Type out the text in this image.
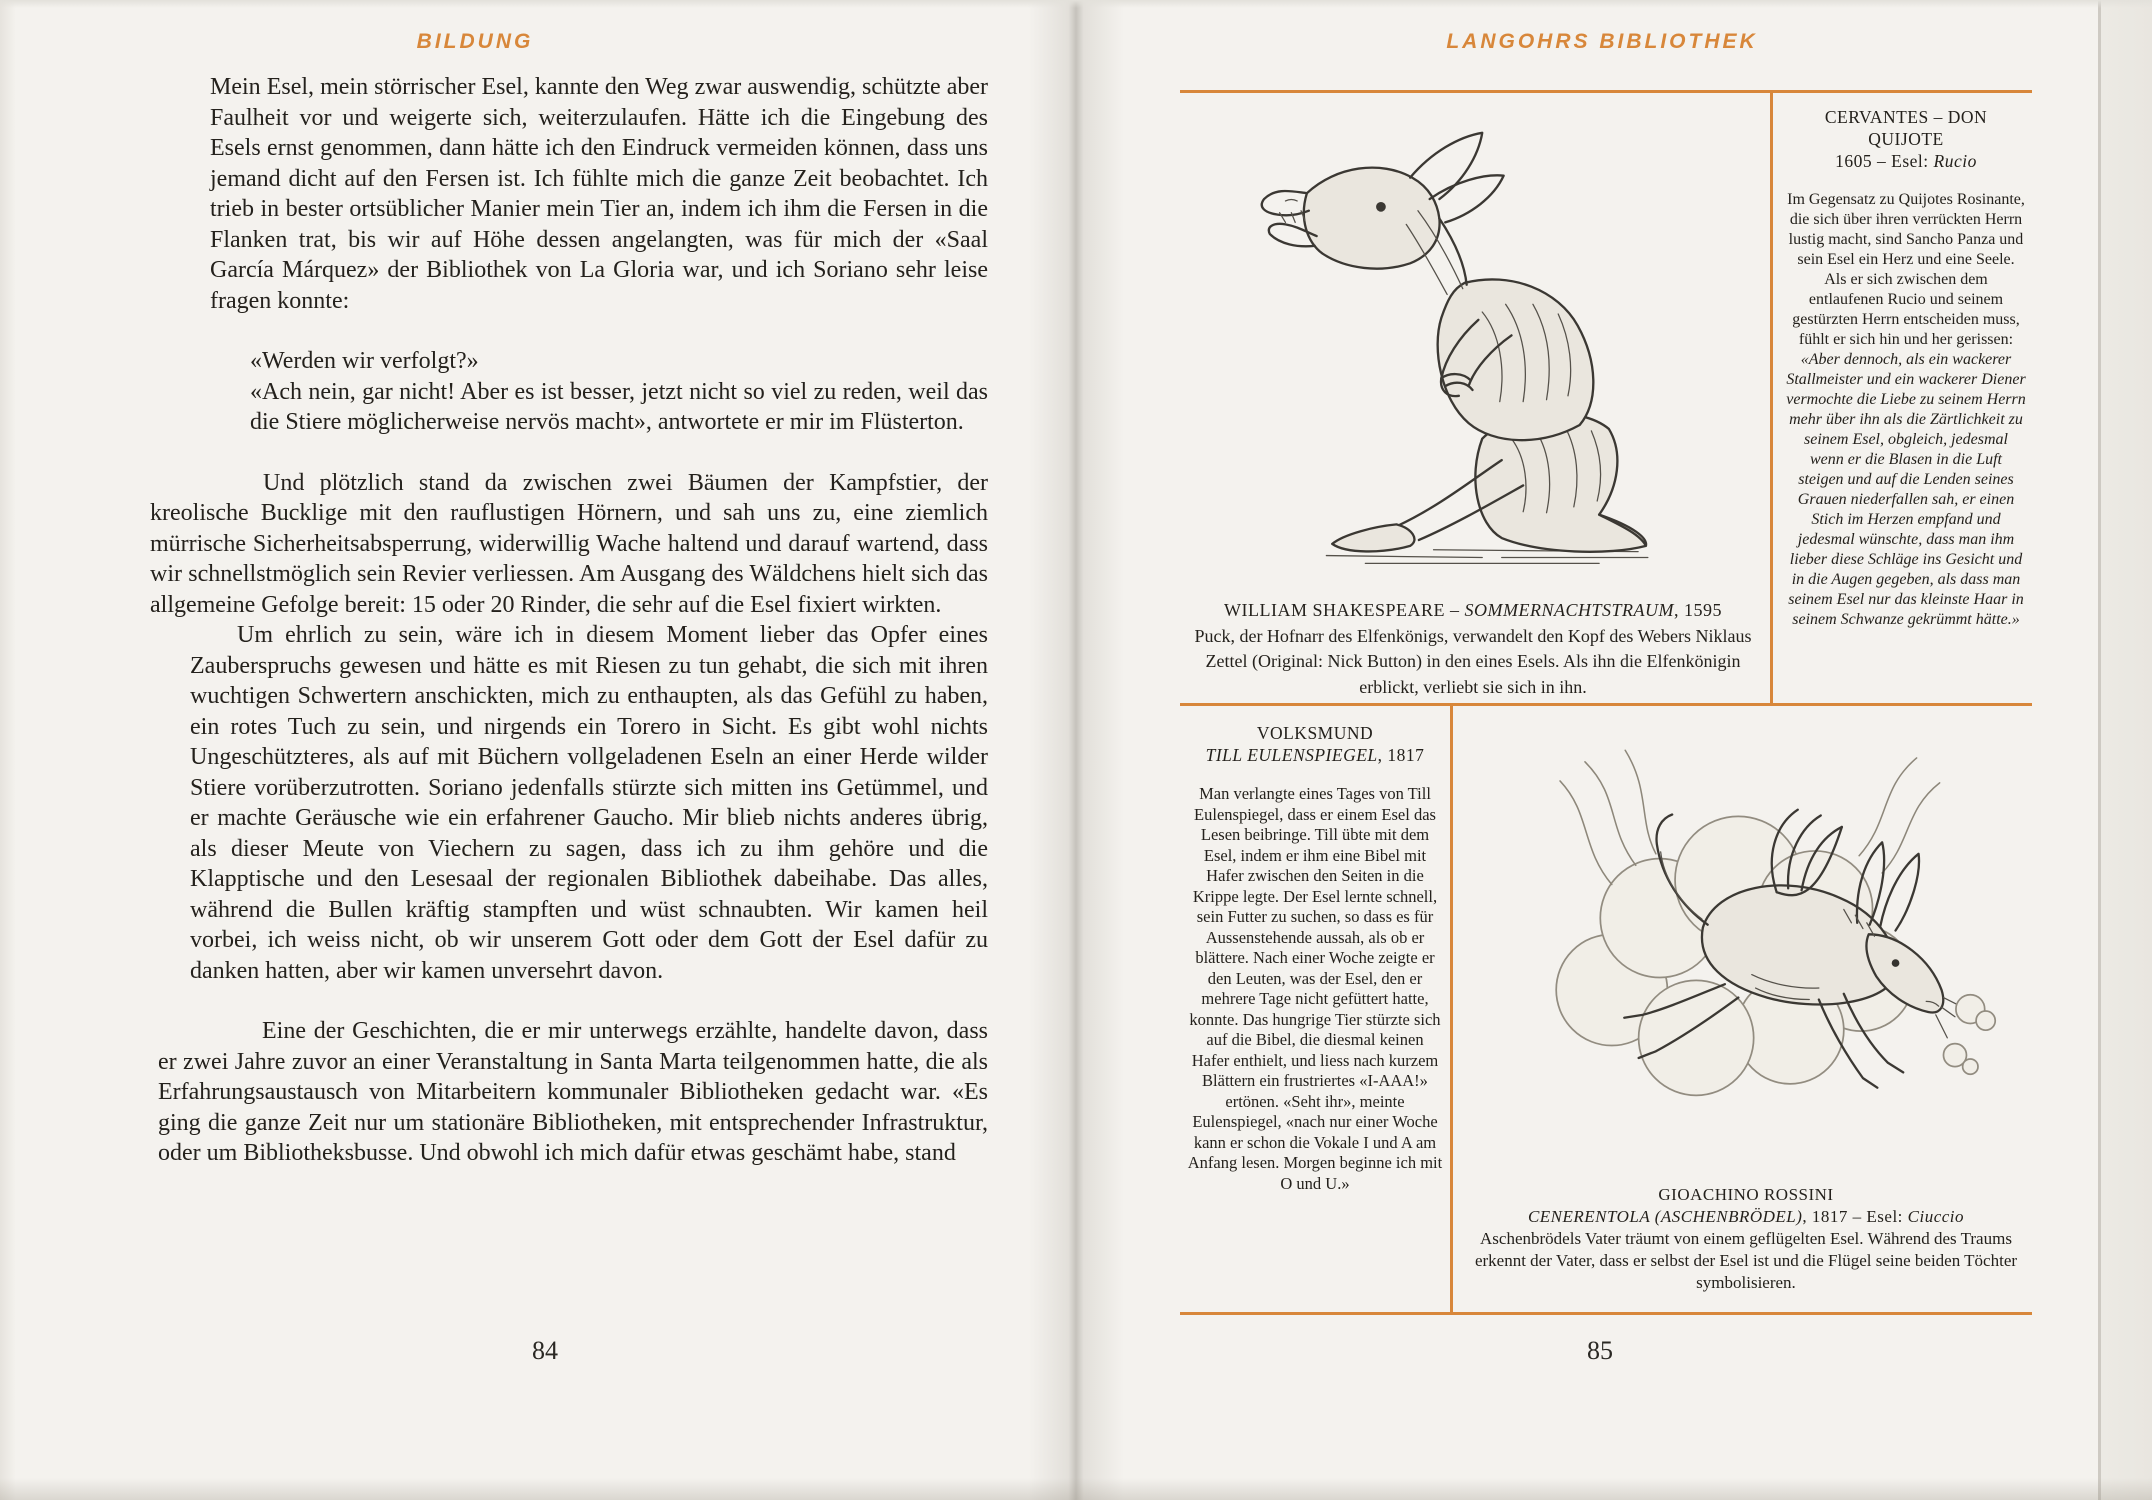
BILDUNG

Mein Esel, mein störrischer Esel, kannte den Weg zwar auswendig, schützte aber Faulheit vor und weigerte sich, weiterzulaufen. Hätte ich die Eingebung des Esels ernst genommen, dann hätte ich den Eindruck vermeiden können, dass uns jemand dicht auf den Fersen ist. Ich fühlte mich die ganze Zeit beobachtet. Ich trieb in bester ortsüblicher Manier mein Tier an, indem ich ihm die Fersen in die Flanken trat, bis wir auf Höhe dessen angelangten, was für mich der «Saal García Márquez» der Bibliothek von La Gloria war, und ich Soriano sehr leise fragen konnte:

«Werden wir verfolgt?»

«Ach nein, gar nicht! Aber es ist besser, jetzt nicht so viel zu reden, weil das die Stiere möglicherweise nervös macht», antwortete er mir im Flüsterton.

Und plötzlich stand da zwischen zwei Bäumen der Kampfstier, der kreolische Bucklige mit den rauflustigen Hörnern, und sah uns zu, eine ziemlich mürrische Sicherheitsabsperrung, widerwillig Wache haltend und darauf wartend, dass wir schnellstmöglich sein Revier verliessen. Am Ausgang des Wäldchens hielt sich das allgemeine Gefolge bereit: 15 oder 20 Rinder, die sehr auf die Esel fixiert wirkten.

Um ehrlich zu sein, wäre ich in diesem Moment lieber das Opfer eines Zauberspruchs gewesen und hätte es mit Riesen zu tun gehabt, die sich mit ihren wuchtigen Schwertern anschickten, mich zu enthaupten, als das Gefühl zu haben, ein rotes Tuch zu sein, und nirgends ein Torero in Sicht. Es gibt wohl nichts Ungeschützteres, als auf mit Büchern vollgeladenen Eseln an einer Herde wilder Stiere vorüberzutrotten. Soriano jedenfalls stürzte sich mitten ins Getümmel, und er machte Geräusche wie ein erfahrener Gaucho. Mir blieb nichts anderes übrig, als dieser Meute von Viechern zu sagen, dass ich zu ihm gehöre und die Klapptische und den Lesesaal der regionalen Bibliothek dabeihabe. Das alles, während die Bullen kräftig stampften und wüst schnaubten. Wir kamen heil vorbei, ich weiss nicht, ob wir unserem Gott oder dem Gott der Esel dafür zu danken hatten, aber wir kamen unversehrt davon.

Eine der Geschichten, die er mir unterwegs erzählte, handelte davon, dass er zwei Jahre zuvor an einer Veranstaltung in Santa Marta teilgenommen hatte, die als Erfahrungsaustausch von Mitarbeitern kommunaler Bibliotheken gedacht war. «Es ging die ganze Zeit nur um stationäre Bibliotheken, mit entsprechender Infrastruktur, oder um Bibliotheksbusse. Und obwohl ich mich dafür etwas geschämt habe, stand

84
LANGOHRS BIBLIOTHEK
WILLIAM SHAKESPEARE – SOMMERNACHTSTRAUM, 1595
Puck, der Hofnarr des Elfenkönigs, verwandelt den Kopf des Webers Niklaus Zettel (Original: Nick Button) in den eines Esels. Als ihn die Elfenkönigin erblickt, verliebt sie sich in ihn.

CERVANTES – DON QUIJOTE
1605 – Esel: Rucio

Im Gegensatz zu Quijotes Rosinante, die sich über ihren verrückten Herrn lustig macht, sind Sancho Panza und sein Esel ein Herz und eine Seele. Als er sich zwischen dem entlaufenen Rucio und seinem gestürzten Herrn entscheiden muss, fühlt er sich hin und her gerissen: «Aber dennoch, als ein wackerer Stallmeister und ein wackerer Diener vermochte die Liebe zu seinem Herrn mehr über ihn als die Zärtlichkeit zu seinem Esel, obgleich, jedesmal wenn er die Blasen in die Luft steigen und auf die Lenden seines Grauen niederfallen sah, er einen Stich im Herzen empfand und jedesmal wünschte, dass man ihm lieber diese Schläge ins Gesicht und in die Augen gegeben, als dass man seinem Esel nur das kleinste Haar in seinem Schwanze gekrümmt hätte.»

VOLKSMUND
TILL EULENSPIEGEL, 1817

Man verlangte eines Tages von Till Eulenspiegel, dass er einem Esel das Lesen beibringe. Till übte mit dem Esel, indem er ihm eine Bibel mit Hafer zwischen den Seiten in die Krippe legte. Der Esel lernte schnell, sein Futter zu suchen, so dass es für Aussenstehende aussah, als ob er blättere. Nach einer Woche zeigte er den Leuten, was der Esel, den er mehrere Tage nicht gefüttert hatte, konnte. Das hungrige Tier stürzte sich auf die Bibel, die diesmal keinen Hafer enthielt, und liess nach kurzem Blättern ein frustriertes «I-AAA!» ertönen. «Seht ihr», meinte Eulenspiegel, «nach nur einer Woche kann er schon die Vokale I und A am Anfang lesen. Morgen beginne ich mit O und U.»

GIOACHINO ROSSINI
CENERENTOLA (ASCHENBRÖDEL), 1817 – Esel: Ciuccio
Aschenbrödels Vater träumt von einem geflügelten Esel. Während des Traums erkennt der Vater, dass er selbst der Esel ist und die Flügel seine beiden Töchter symbolisieren.
85
